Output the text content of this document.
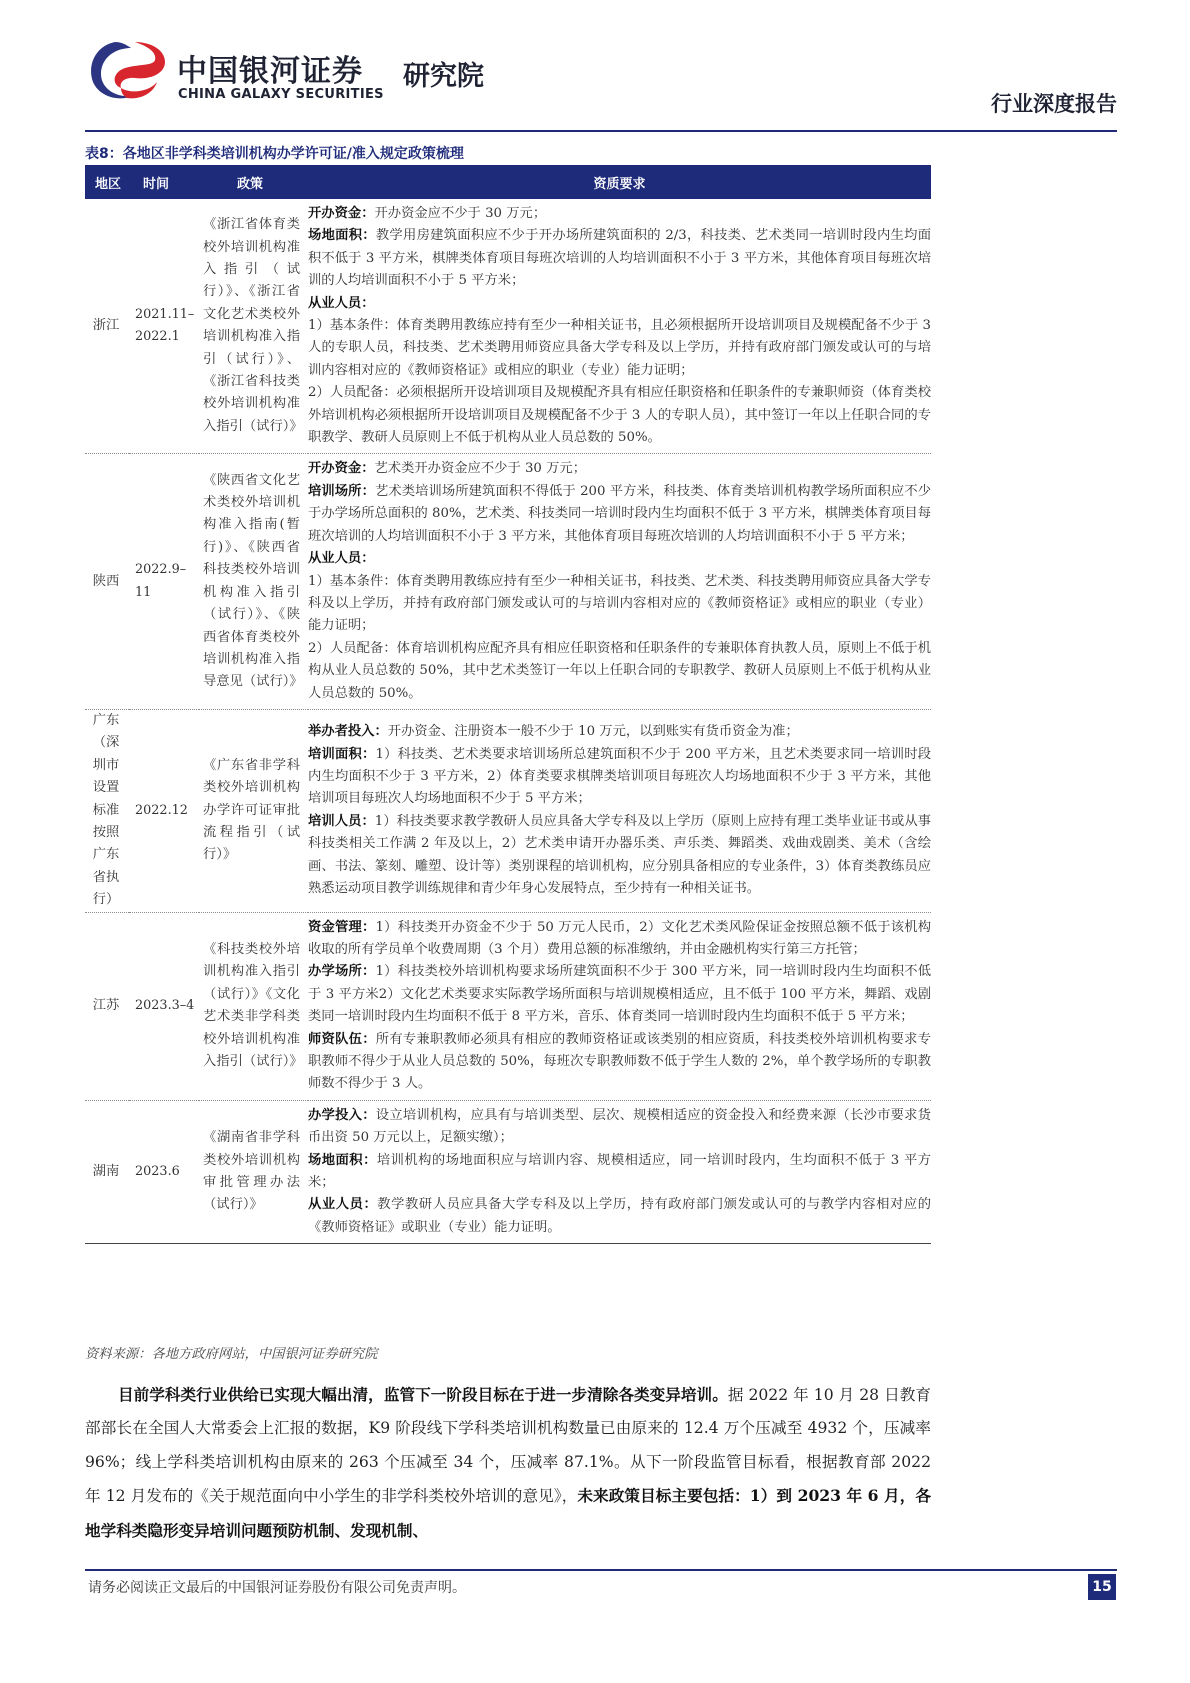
中国银河证券
CHINA GALAXY SECURITIES
研究院
行业深度报告
表8：各地区非学科类培训机构办学许可证/准入规定政策梳理
地区	时间	政策	资质要求
浙江	2021.11–2022.1	《浙江省体育类校外培训机构准入指引（试行）》、《浙江省文化艺术类校外培训机构准入指引（试行）》、《浙江省科技类校外培训机构准入指引（试行）》	开办资金：开办资金应不少于 30 万元；

场地面积：教学用房建筑面积应不少于开办场所建筑面积的 2/3，科技类、艺术类同一培训时段内生均面积不低于 3 平方米，棋牌类体育项目每班次培训的人均培训面积不小于 3 平方米，其他体育项目每班次培训的人均培训面积不小于 5 平方米；

从业人员：

1）基本条件：体育类聘用教练应持有至少一种相关证书，且必须根据所开设培训项目及规模配备不少于 3 人的专职人员，科技类、艺术类聘用师资应具备大学专科及以上学历，并持有政府部门颁发或认可的与培训内容相对应的《教师资格证》或相应的职业（专业）能力证明；

2）人员配备：必须根据所开设培训项目及规模配齐具有相应任职资格和任职条件的专兼职师资（体育类校外培训机构必须根据所开设培训项目及规模配备不少于 3 人的专职人员），其中签订一年以上任职合同的专职教学、教研人员原则上不低于机构从业人员总数的 50%。

陕西	2022.9–11	《陕西省文化艺术类校外培训机构准入指南(暂行)》、《陕西省科技类校外培训机构准入指引（试行）》、《陕西省体育类校外培训机构准入指导意见（试行）》	开办资金：艺术类开办资金应不少于 30 万元；

培训场所：艺术类培训场所建筑面积不得低于 200 平方米，科技类、体育类培训机构教学场所面积应不少于办学场所总面积的 80%，艺术类、科技类同一培训时段内生均面积不低于 3 平方米，棋牌类体育项目每班次培训的人均培训面积不小于 3 平方米，其他体育项目每班次培训的人均培训面积不小于 5 平方米；

从业人员：

1）基本条件：体育类聘用教练应持有至少一种相关证书，科技类、艺术类、科技类聘用师资应具备大学专科及以上学历，并持有政府部门颁发或认可的与培训内容相对应的《教师资格证》或相应的职业（专业）能力证明；

2）人员配备：体育培训机构应配齐具有相应任职资格和任职条件的专兼职体育执教人员，原则上不低于机构从业人员总数的 50%，其中艺术类签订一年以上任职合同的专职教学、教研人员原则上不低于机构从业人员总数的 50%。

广东（深圳市设置标准按照广东省执行）	2022.12	《广东省非学科类校外培训机构办学许可证审批流程指引（试行）》	举办者投入：开办资金、注册资本一般不少于 10 万元，以到账实有货币资金为准；

培训面积：1）科技类、艺术类要求培训场所总建筑面积不少于 200 平方米，且艺术类要求同一培训时段内生均面积不少于 3 平方米，2）体育类要求棋牌类培训项目每班次人均场地面积不少于 3 平方米，其他培训项目每班次人均场地面积不少于 5 平方米；

培训人员：1）科技类要求教学教研人员应具备大学专科及以上学历（原则上应持有理工类毕业证书或从事科技类相关工作满 2 年及以上，2）艺术类申请开办器乐类、声乐类、舞蹈类、戏曲戏剧类、美术（含绘画、书法、篆刻、雕塑、设计等）类别课程的培训机构，应分别具备相应的专业条件，3）体育类教练员应熟悉运动项目教学训练规律和青少年身心发展特点，至少持有一种相关证书。

江苏	2023.3–4	《科技类校外培训机构准入指引（试行）》《文化艺术类非学科类校外培训机构准入指引（试行）》	资金管理：1）科技类开办资金不少于 50 万元人民币，2）文化艺术类风险保证金按照总额不低于该机构收取的所有学员单个收费周期（3 个月）费用总额的标准缴纳，并由金融机构实行第三方托管；

办学场所：1）科技类校外培训机构要求场所建筑面积不少于 300 平方米，同一培训时段内生均面积不低于 3 平方米2）文化艺术类要求实际教学场所面积与培训规模相适应，且不低于 100 平方米，舞蹈、戏剧类同一培训时段内生均面积不低于 8 平方米，音乐、体育类同一培训时段内生均面积不低于 5 平方米；

师资队伍：所有专兼职教师必须具有相应的教师资格证或该类别的相应资质，科技类校外培训机构要求专职教师不得少于从业人员总数的 50%，每班次专职教师数不低于学生人数的 2%，单个教学场所的专职教师数不得少于 3 人。

湖南	2023.6	《湖南省非学科类校外培训机构审批管理办法（试行）》	办学投入：设立培训机构，应具有与培训类型、层次、规模相适应的资金投入和经费来源（长沙市要求货币出资 50 万元以上，足额实缴）；

场地面积：培训机构的场地面积应与培训内容、规模相适应，同一培训时段内，生均面积不低于 3 平方米；

从业人员：教学教研人员应具备大学专科及以上学历，持有政府部门颁发或认可的与教学内容相对应的《教师资格证》或职业（专业）能力证明。

资料来源：各地方政府网站，中国银河证券研究院
目前学科类行业供给已实现大幅出清，监管下一阶段目标在于进一步清除各类变异培训。据 2022 年 10 月 28 日教育部部长在全国人大常委会上汇报的数据，K9 阶段线下学科类培训机构数量已由原来的 12.4 万个压减至 4932 个，压减率 96%；线上学科类培训机构由原来的 263 个压减至 34 个，压减率 87.1%。从下一阶段监管目标看，根据教育部 2022 年 12 月发布的《关于规范面向中小学生的非学科类校外培训的意见》，未来政策目标主要包括：1）到 2023 年 6 月，各地学科类隐形变异培训问题预防机制、发现机制、
请务必阅读正文最后的中国银河证券股份有限公司免责声明。	15
